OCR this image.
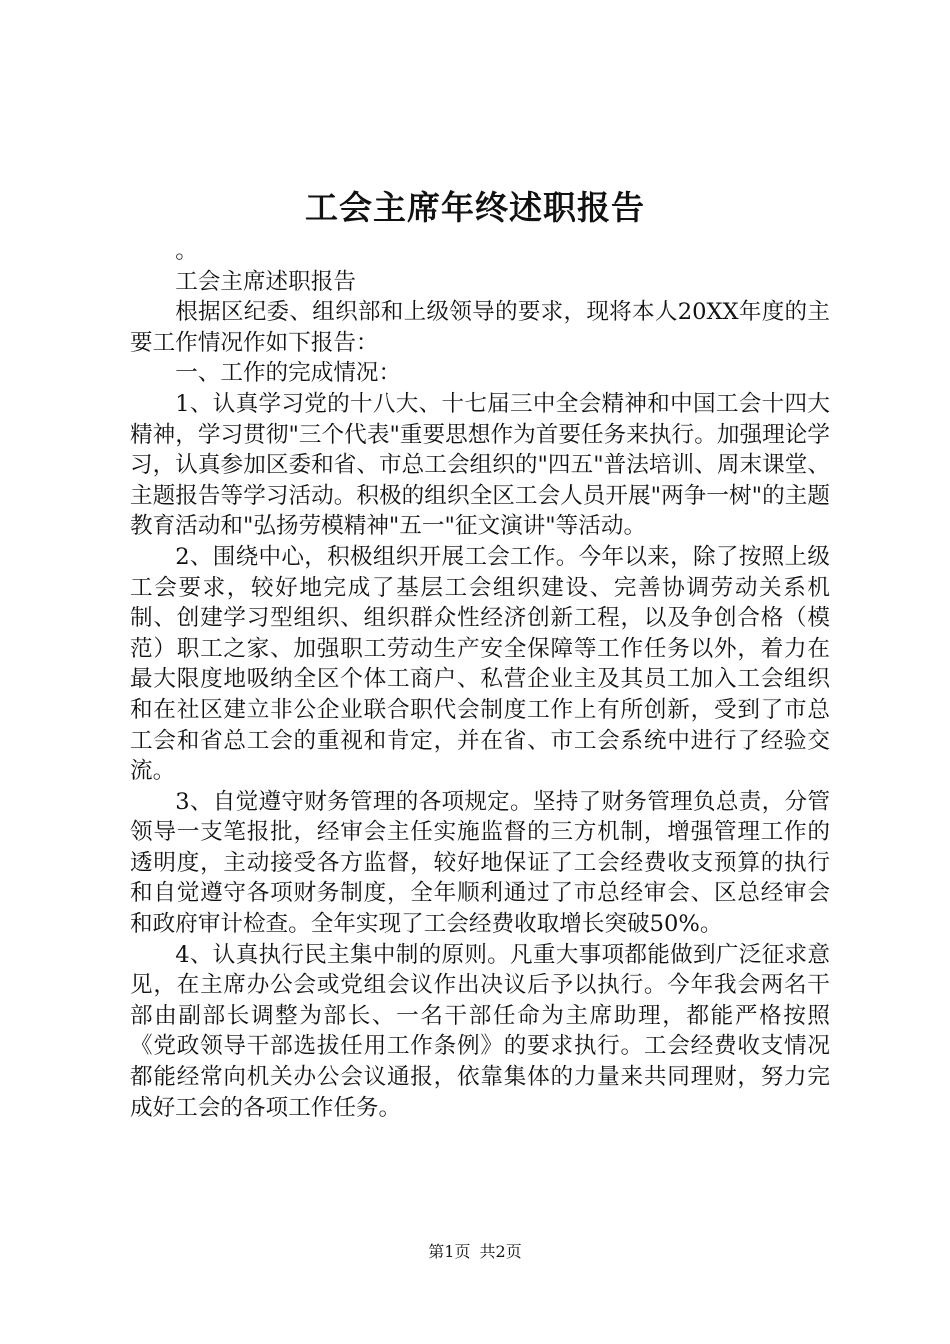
工会主席年终述职报告

。

工会主席述职报告

根据区纪委、组织部和上级领导的要求，现将本人20XX年度的主要工作情况作如下报告：

一、工作的完成情况：

1、认真学习党的十八大、十七届三中全会精神和中国工会十四大精神，学习贯彻"三个代表"重要思想作为首要任务来执行。加强理论学习，认真参加区委和省、市总工会组织的"四五"普法培训、周末课堂、主题报告等学习活动。积极的组织全区工会人员开展"两争一树"的主题教育活动和"弘扬劳模精神"五一"征文演讲"等活动。

2、围绕中心，积极组织开展工会工作。今年以来，除了按照上级工会要求，较好地完成了基层工会组织建设、完善协调劳动关系机制、创建学习型组织、组织群众性经济创新工程，以及争创合格（模范）职工之家、加强职工劳动生产安全保障等工作任务以外，着力在最大限度地吸纳全区个体工商户、私营企业主及其员工加入工会组织和在社区建立非公企业联合职代会制度工作上有所创新，受到了市总工会和省总工会的重视和肯定，并在省、市工会系统中进行了经验交流。

3、自觉遵守财务管理的各项规定。坚持了财务管理负总责，分管领导一支笔报批，经审会主任实施监督的三方机制，增强管理工作的透明度，主动接受各方监督，较好地保证了工会经费收支预算的执行和自觉遵守各项财务制度，全年顺利通过了市总经审会、区总经审会和政府审计检查。全年实现了工会经费收取增长突破50%。

4、认真执行民主集中制的原则。凡重大事项都能做到广泛征求意见，在主席办公会或党组会议作出决议后予以执行。今年我会两名干部由副部长调整为部长、一名干部任命为主席助理，都能严格按照《党政领导干部选拔任用工作条例》的要求执行。工会经费收支情况都能经常向机关办公会议通报，依靠集体的力量来共同理财，努力完成好工会的各项工作任务。

第1页 共2页
